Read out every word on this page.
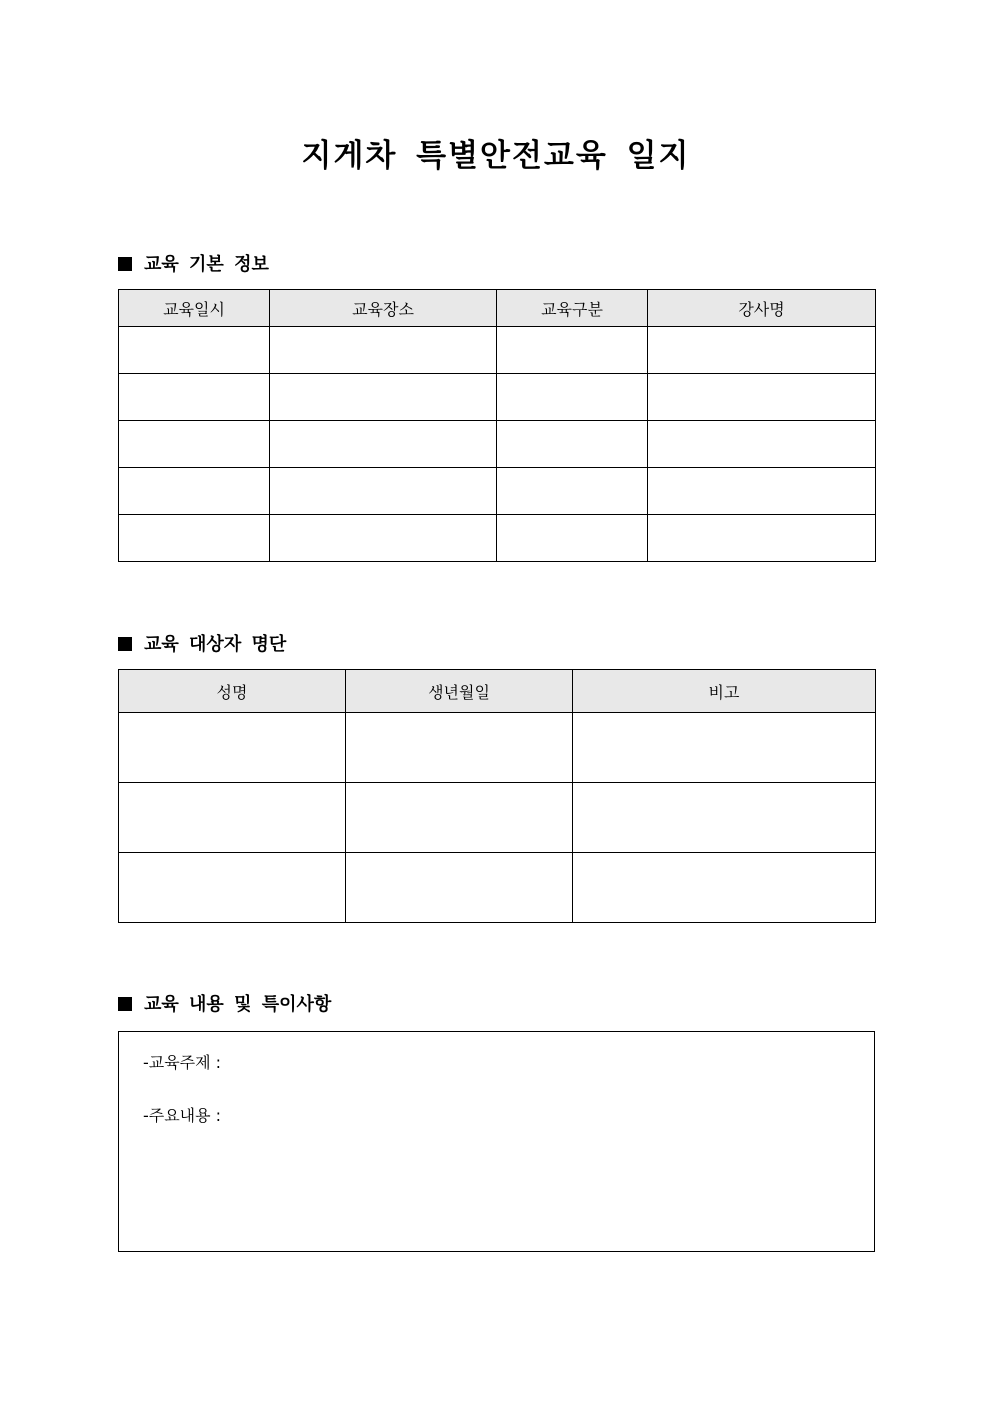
지게차 특별안전교육 일지
교육 기본 정보
교육일시	교육장소	교육구분	강사명

교육 대상자 명단
성명	생년월일	비고

교육 내용 및 특이사항
-교육주제 :
-주요내용 :
